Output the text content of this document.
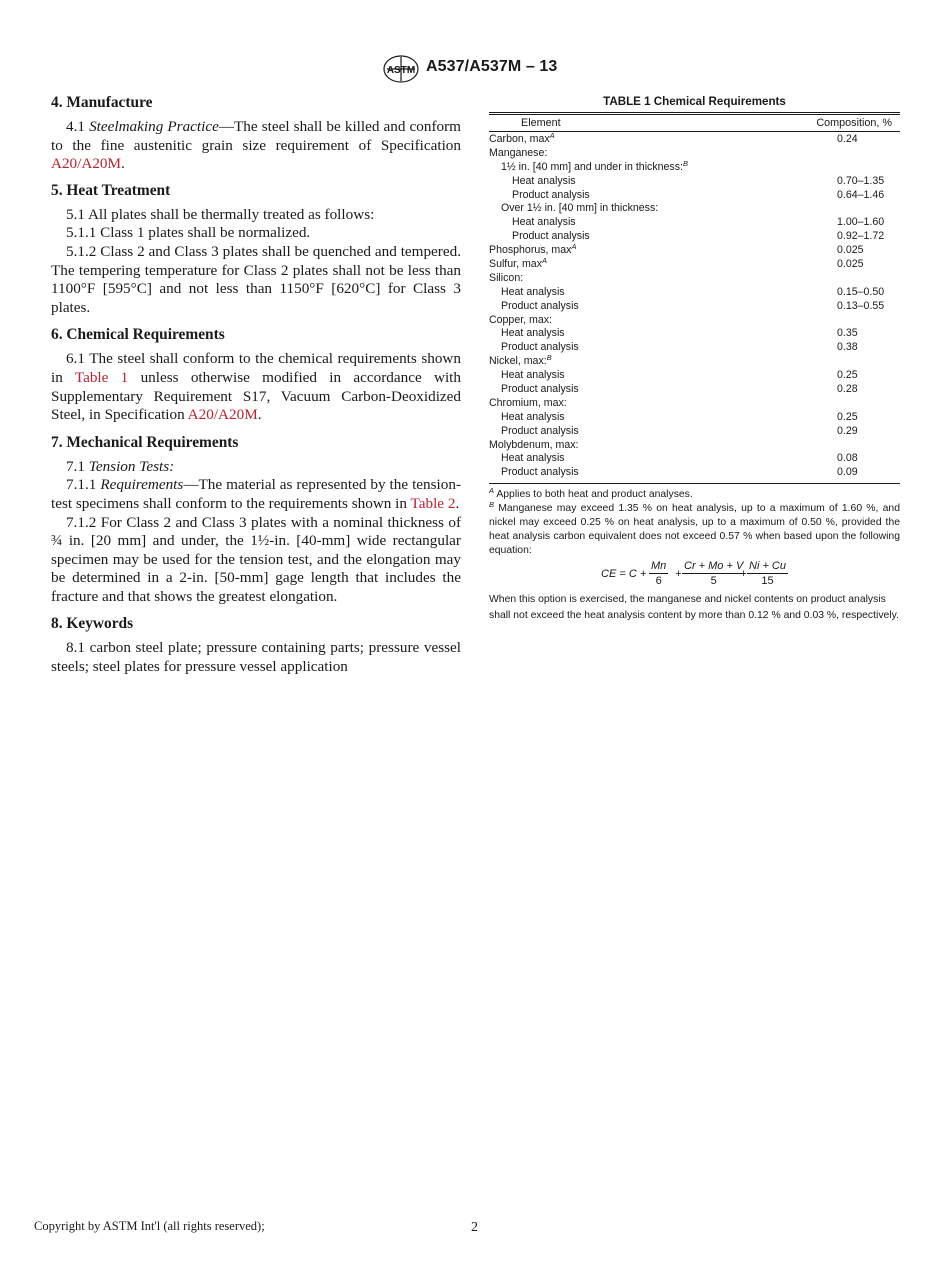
ASTM A537/A537M – 13
4. Manufacture

4.1 Steelmaking Practice—The steel shall be killed and conform to the fine austenitic grain size requirement of Specification A20/A20M.

5. Heat Treatment

5.1 All plates shall be thermally treated as follows:

5.1.1 Class 1 plates shall be normalized.

5.1.2 Class 2 and Class 3 plates shall be quenched and tempered. The tempering temperature for Class 2 plates shall not be less than 1100°F [595°C] and not less than 1150°F [620°C] for Class 3 plates.

6. Chemical Requirements

6.1 The steel shall conform to the chemical requirements shown in Table 1 unless otherwise modified in accordance with Supplementary Requirement S17, Vacuum Carbon-Deoxidized Steel, in Specification A20/A20M.

7. Mechanical Requirements

7.1 Tension Tests:

7.1.1 Requirements—The material as represented by the tension-test specimens shall conform to the requirements shown in Table 2.

7.1.2 For Class 2 and Class 3 plates with a nominal thickness of ¾ in. [20 mm] and under, the 1½-in. [40-mm] wide rectangular specimen may be used for the tension test, and the elongation may be determined in a 2-in. [50-mm] gage length that includes the fracture and that shows the greatest elongation.

8. Keywords

8.1 carbon steel plate; pressure containing parts; pressure vessel steels; steel plates for pressure vessel application

TABLE 1 Chemical Requirements
Element	Composition, %
Carbon, $\max^A$	0.24
Manganese:
1½ in. [40 mm] and under in thickness:$^B$
Heat analysis	0.70–1.35
Product analysis	0.64–1.46
Over 1½ in. [40 mm] in thickness:
Heat analysis	1.00–1.60
Product analysis	0.92–1.72
Phosphorus, $\max^A$	0.025
Sulfur, $\max^A$	0.025
Silicon:
Heat analysis	0.15–0.50
Product analysis	0.13–0.55
Copper, max:
Heat analysis	0.35
Product analysis	0.38
Nickel, max:$^B$
Heat analysis	0.25
Product analysis	0.28
Chromium, max:
Heat analysis	0.25
Product analysis	0.29
Molybdenum, max:
Heat analysis	0.08
Product analysis	0.09

$^A$ Applies to both heat and product analyses.

$^B$ Manganese may exceed 1.35 % on heat analysis, up to a maximum of 1.60 %, and nickel may exceed 0.25 % on heat analysis, up to a maximum of 0.50 %, provided the heat analysis carbon equivalent does not exceed 0.57 % when based upon the following equation:

CE = $C + \frac{Mn}{6} + \frac{Cr + Mo + V}{5}$
+ $\frac{Ni + Cu}{15}$

When this option is exercised, the manganese and nickel contents on product analysis shall not exceed the heat analysis content by more than 0.12 % and 0.03 %, respectively.

Copyright by ASTM Int'l (all rights reserved);	2
